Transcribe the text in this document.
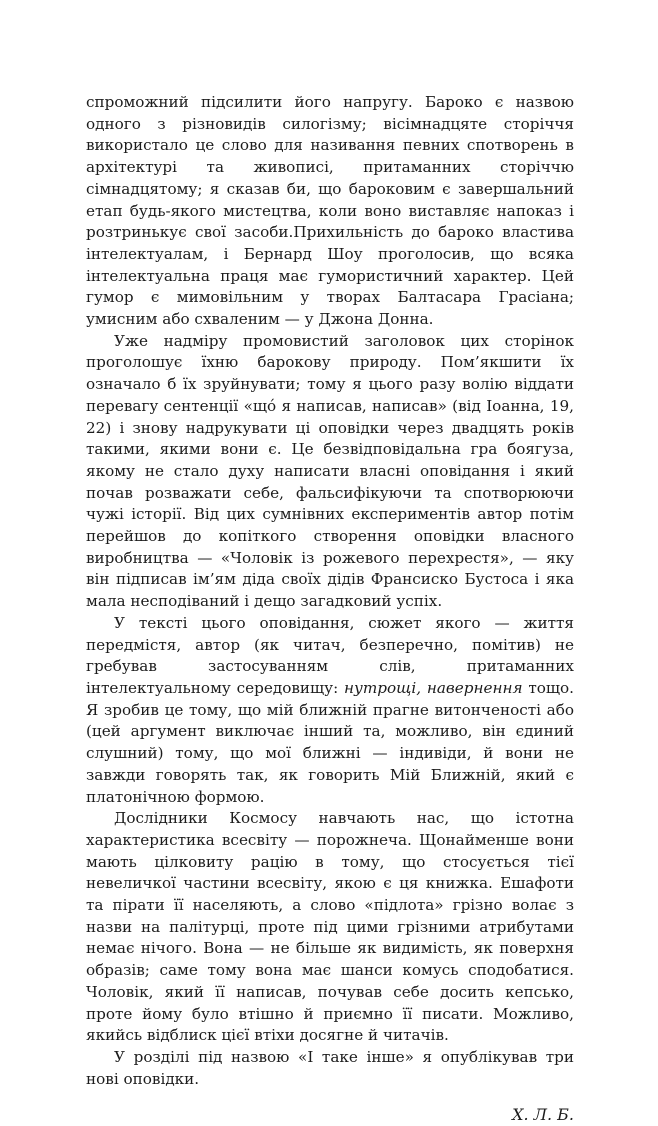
спроможний підсилити його напругу. Бароко є назвою одного з різновидів силогізму; вісімнадцяте сторіччя використало це слово для називання певних спотворень в архітектурі та живописі, притаманних сторіччю сімнадцятому; я сказав би, що бароковим є завершальний етап будь-якого мистецтва, коли воно виставляє напоказ і розтринькує свої засоби.Прихильність до бароко властива інтелектуалам, і Бернард Шоу проголосив, що всяка інтелектуальна праця має гумористичний характер. Цей гумор є мимовільним у творах Балтасара Грасіана; умисним або схваленим — у Джона Донна.

Уже надміру промовистий заголовок цих сторінок проголошує їхню барокову природу. Пом’якшити їх означало б їх зруйнувати; тому я цього разу волію віддати перевагу сентенції «що́ я написав, написав» (від Іоанна, 19, 22) і знову надрукувати ці оповідки через двадцять років такими, якими вони є. Це безвідповідальна гра боягуза, якому не стало духу написати власні оповідання і який почав розважати себе, фальсифікуючи та спотворюючи чужі історії. Від цих сумнівних експериментів автор потім перейшов до копіткого створення оповідки власного виробництва — «Чоловік із рожевого перехрестя», — яку він підписав ім’ям діда своїх дідів Франсиско Бустоса і яка мала несподіваний і дещо загадковий успіх.

У тексті цього оповідання, сюжет якого — життя передмістя, автор (як читач, безперечно, помітив) не гребував застосуванням слів, притаманних інтелектуальному середовищу: нутрощі, навернення тощо. Я зробив це тому, що мій ближній прагне витонченості або (цей аргумент виключає інший та, можливо, він єдиний слушний) тому, що мої ближні — індивіди, й вони не завжди говорять так, як говорить Мій Ближній, який є платонічною формою.

Дослідники Космосу навчають нас, що істотна характеристика всесвіту — порожнеча. Щонайменше вони мають цілковиту рацію в тому, що стосується тієї невеличкої частини всесвіту, якою є ця книжка. Ешафоти та пірати її населяють, а слово «підлота» грізно волає з назви на палітурці, проте під цими грізними атрибутами немає нічого. Вона — не більше як видимість, як поверхня образів; саме тому вона має шанси комусь сподобатися. Чоловік, який її написав, почував себе досить кепсько, проте йому було втішно й приємно її писати. Можливо, якийсь відблиск цієї втіхи досягне й читачів.

У розділі під назвою «І таке інше» я опублікував три нові оповідки.

Х. Л. Б.
